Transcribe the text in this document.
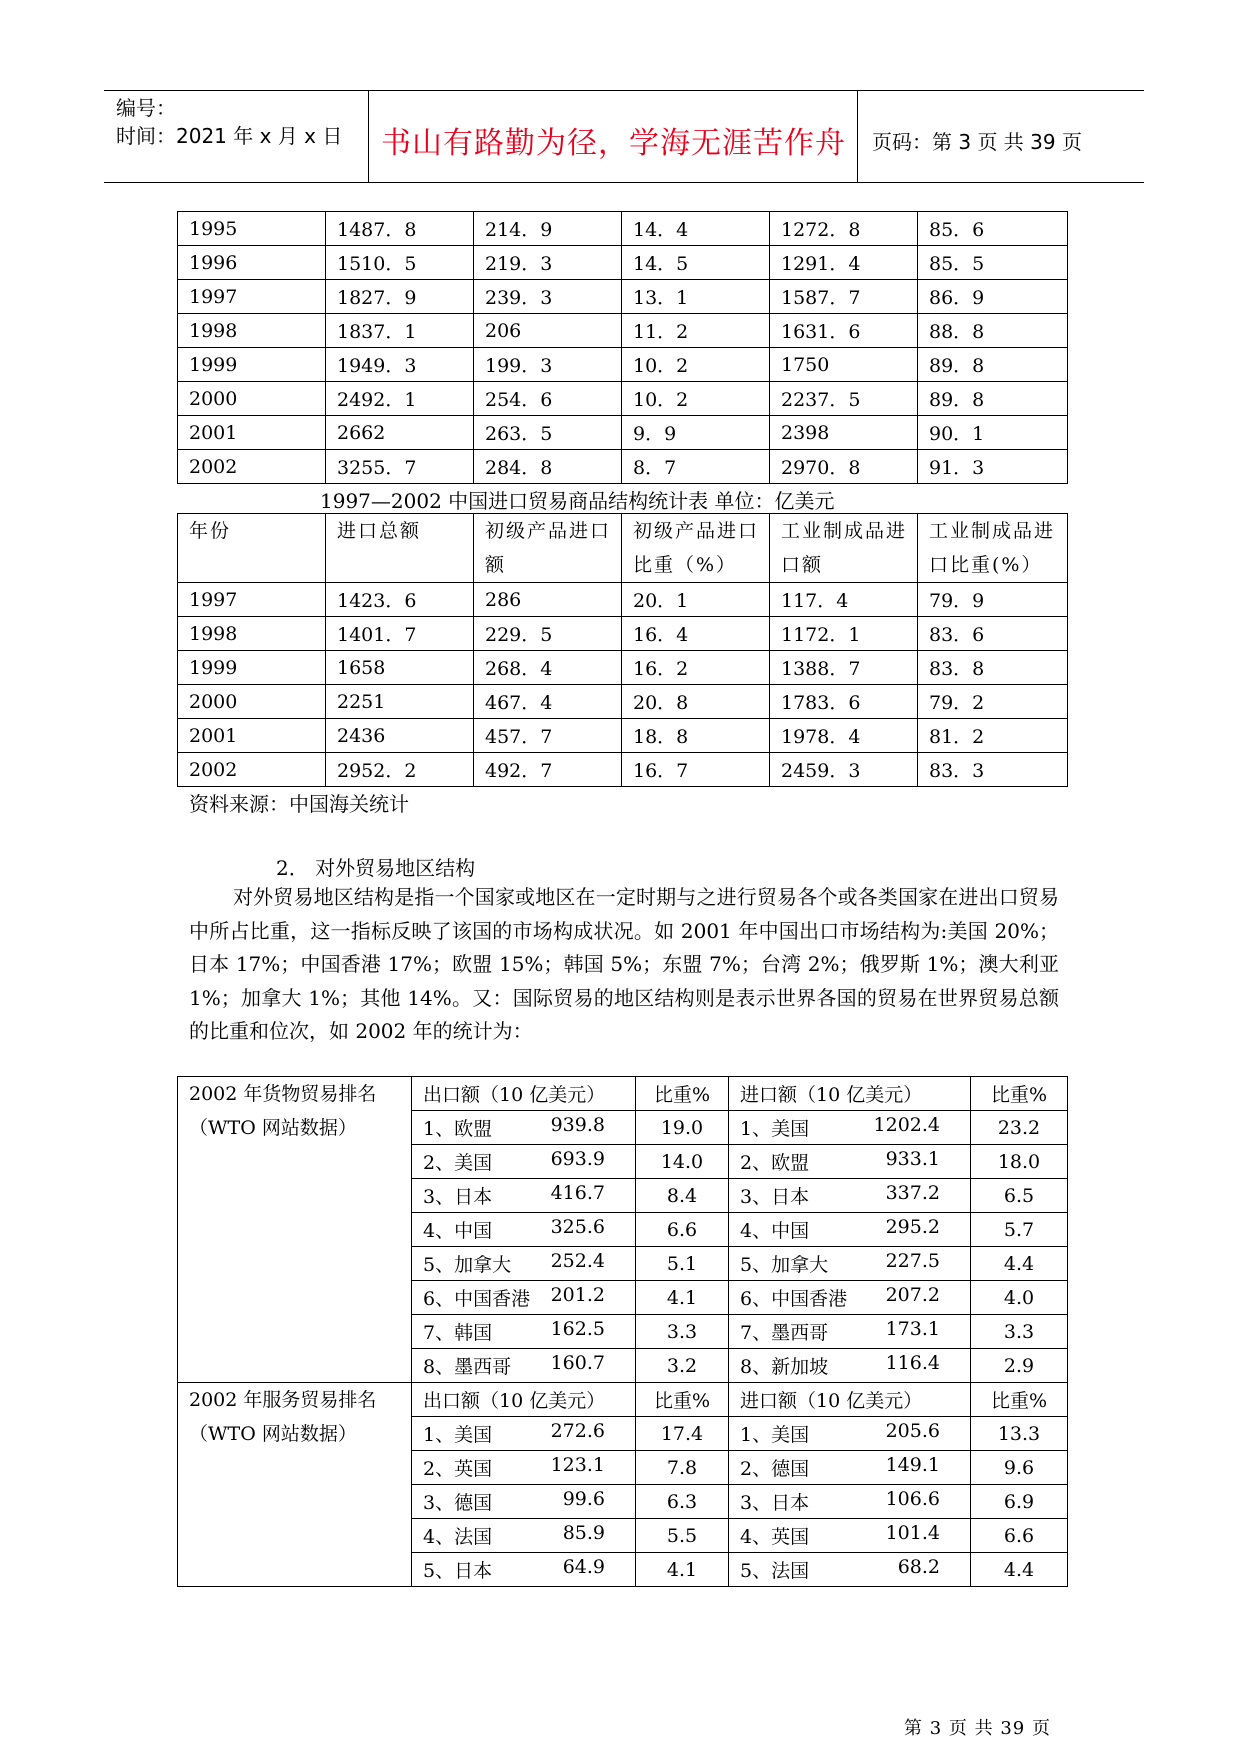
编号：
时间：2021 年 x 月 x 日	书山有路勤为径，学海无涯苦作舟	页码：第 3 页 共 39 页
1995	1487．8	214．9	14．4	1272．8	85．6
1996	1510．5	219．3	14．5	1291．4	85．5
1997	1827．9	239．3	13．1	1587．7	86．9
1998	1837．1	206	11．2	1631．6	88．8
1999	1949．3	199．3	10．2	1750	89．8
2000	2492．1	254．6	10．2	2237．5	89．8
2001	2662	263．5	9．9	2398	90．1
2002	3255．7	284．8	8．7	2970．8	91．3
1997—2002 中国进口贸易商品结构统计表 单位：亿美元
年份	进口总额	初级产品进口额	初级产品进口比重（%）	工业制成品进口额	工业制成品进口比重(%）
1997	1423．6	286	20．1	117．4	79．9
1998	1401．7	229．5	16．4	1172．1	83．6
1999	1658	268．4	16．2	1388．7	83．8
2000	2251	467．4	20．8	1783．6	79．2
2001	2436	457．7	18．8	1978．4	81．2
2002	2952．2	492．7	16．7	2459．3	83．3
资料来源：中国海关统计
2． 对外贸易地区结构

对外贸易地区结构是指一个国家或地区在一定时期与之进行贸易各个或各类国家在进出口贸易中所占比重，这一指标反映了该国的市场构成状况。如 2001 年中国出口市场结构为:美国 20%；日本 17%；中国香港 17%；欧盟 15%；韩国 5%；东盟 7%；台湾 2%；俄罗斯 1%；澳大利亚 1%；加拿大 1%；其他 14%。又：国际贸易的地区结构则是表示世界各国的贸易在世界贸易总额的比重和位次，如 2002 年的统计为：

2002 年货物贸易排名（WTO 网站数据）	出口额（10 亿美元）	比重%	进口额（10 亿美元）	比重%

	1、欧盟 939.8	19.0	1、美国 1202.4	23.2

	2、美国 693.9	14.0	2、欧盟 933.1	18.0

	3、日本 416.7	8.4	3、日本 337.2	6.5

	4、中国 325.6	6.6	4、中国 295.2	5.7

	5、加拿大 252.4	5.1	5、加拿大 227.5	4.4

	6、中国香港 201.2	4.1	6、中国香港 207.2	4.0

	7、韩国 162.5	3.3	7、墨西哥 173.1	3.3

	8、墨西哥 160.7	3.2	8、新加坡 116.4	2.9
2002 年服务贸易排名（WTO 网站数据）	出口额（10 亿美元）	比重%	进口额（10 亿美元）	比重%

	1、美国 272.6	17.4	1、美国 205.6	13.3

	2、英国 123.1	7.8	2、德国 149.1	9.6

	3、德国 99.6	6.3	3、日本 106.6	6.9

	4、法国 85.9	5.5	4、英国 101.4	6.6

	5、日本 64.9	4.1	5、法国 68.2	4.4
第 3 页 共 39 页
